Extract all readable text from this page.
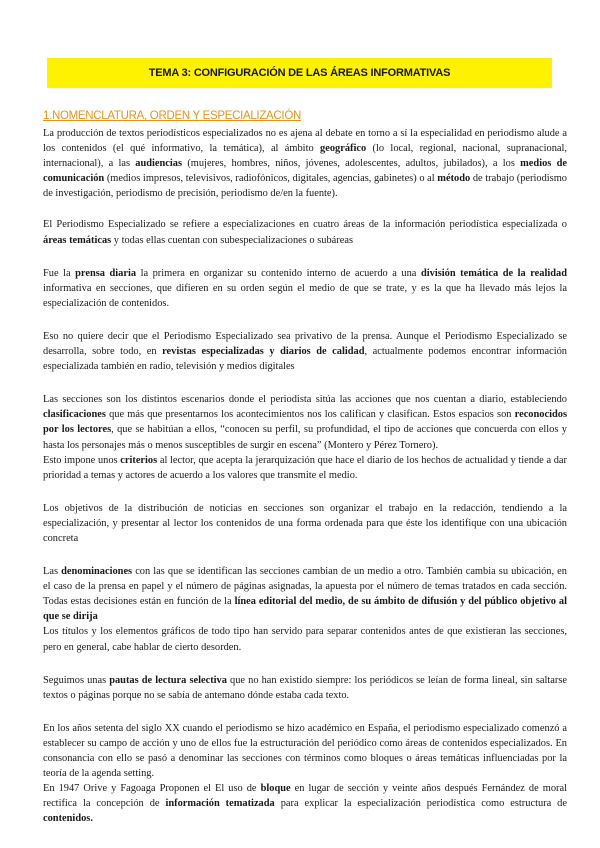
TEMA 3: CONFIGURACIÓN DE LAS ÁREAS INFORMATIVAS
1.NOMENCLATURA, ORDEN Y ESPECIALIZACIÓN

La producción de textos periodísticos especializados no es ajena al debate en torno a sí la especialidad en periodismo alude a los contenidos (el qué informativo, la temática), al ámbito geográfico (lo local, regional, nacional, supranacional, internacional), a las audiencias (mujeres, hombres, niños, jóvenes, adolescentes, adultos, jubilados), a los medios de comunicación (medios impresos, televisivos, radiofónicos, digitales, agencias, gabinetes) o al método de trabajo (periodismo de investigación, periodismo de precisión, periodismo de/en la fuente).

El Periodismo Especializado se refiere a especializaciones en cuatro áreas de la información periodística especializada o áreas temáticas y todas ellas cuentan con subespecializaciones o subáreas

Fue la prensa diaria la primera en organizar su contenido interno de acuerdo a una división temática de la realidad informativa en secciones, que difieren en su orden según el medio de que se trate, y es la que ha llevado más lejos la especialización de contenidos.

Eso no quiere decir que el Periodismo Especializado sea privativo de la prensa. Aunque el Periodismo Especializado se desarrolla, sobre todo, en revistas especializadas y diarios de calidad, actualmente podemos encontrar información especializada también en radio, televisión y medios digitales

Las secciones son los distintos escenarios donde el periodista sitúa las acciones que nos cuentan a diario, estableciendo clasificaciones que más que presentarnos los acontecimientos nos los califican y clasifican. Estos espacios son reconocidos por los lectores, que se habitúan a ellos, “conocen su perfil, su profundidad, el tipo de acciones que concuerda con ellos y hasta los personajes más o menos susceptibles de surgir en escena” (Montero y Pérez Tornero).

Esto impone unos criterios al lector, que acepta la jerarquización que hace el diario de los hechos de actualidad y tiende a dar prioridad a temas y actores de acuerdo a los valores que transmite el medio.

Los objetivos de la distribución de noticias en secciones son organizar el trabajo en la redacción, tendiendo a la especialización, y presentar al lector los contenidos de una forma ordenada para que éste los identifique con una ubicación concreta

Las denominaciones con las que se identifican las secciones cambian de un medio a otro. También cambia su ubicación, en el caso de la prensa en papel y el número de páginas asignadas, la apuesta por el número de temas tratados en cada sección. Todas estas decisiones están en función de la línea editorial del medio, de su ámbito de difusión y del público objetivo al que se dirija

Los títulos y los elementos gráficos de todo tipo han servido para separar contenidos antes de que existieran las secciones, pero en general, cabe hablar de cierto desorden.

Seguimos unas pautas de lectura selectiva que no han existido siempre: los periódicos se leían de forma lineal, sin saltarse textos o páginas porque no se sabía de antemano dónde estaba cada texto.

En los años setenta del siglo XX cuando el periodismo se hizo académico en España, el periodismo especializado comenzó a establecer su campo de acción y uno de ellos fue la estructuración del periódico como áreas de contenidos especializados. En consonancia con ello se pasó a denominar las secciones con términos como bloques o áreas temáticas influenciadas por la teoría de la agenda setting.

En 1947 Orive y Fagoaga Proponen el El uso de bloque en lugar de sección y veinte años después Fernández de moral rectifica la concepción de información tematizada para explicar la especialización periodística como estructura de contenidos.
